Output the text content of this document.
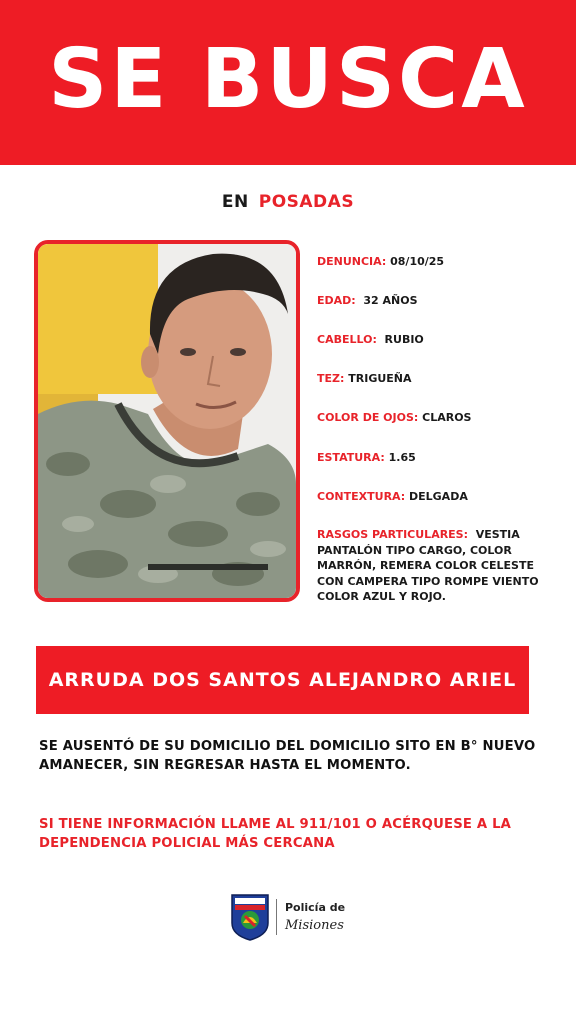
SE BUSCA
EN POSADAS
DENUNCIA: 08/10/25
EDAD: 32 AÑOS
CABELLO: RUBIO
TEZ: TRIGUEÑA
COLOR DE OJOS: CLAROS
ESTATURA: 1.65
CONTEXTURA: DELGADA
RASGOS PARTICULARES: VESTIA PANTALÓN TIPO CARGO, COLOR MARRÓN, REMERA COLOR CELESTE CON CAMPERA TIPO ROMPE VIENTO COLOR AZUL Y ROJO.
ARRUDA DOS SANTOS ALEJANDRO ARIEL
SE AUSENTÓ DE SU DOMICILIO DEL DOMICILIO SITO EN B° NUEVO AMANECER, SIN REGRESAR HASTA EL MOMENTO.
SI TIENE INFORMACIÓN LLAME AL 911/101 O ACÉRQUESE A LA DEPENDENCIA POLICIAL MÁS CERCANA
Policía de
Misiones
